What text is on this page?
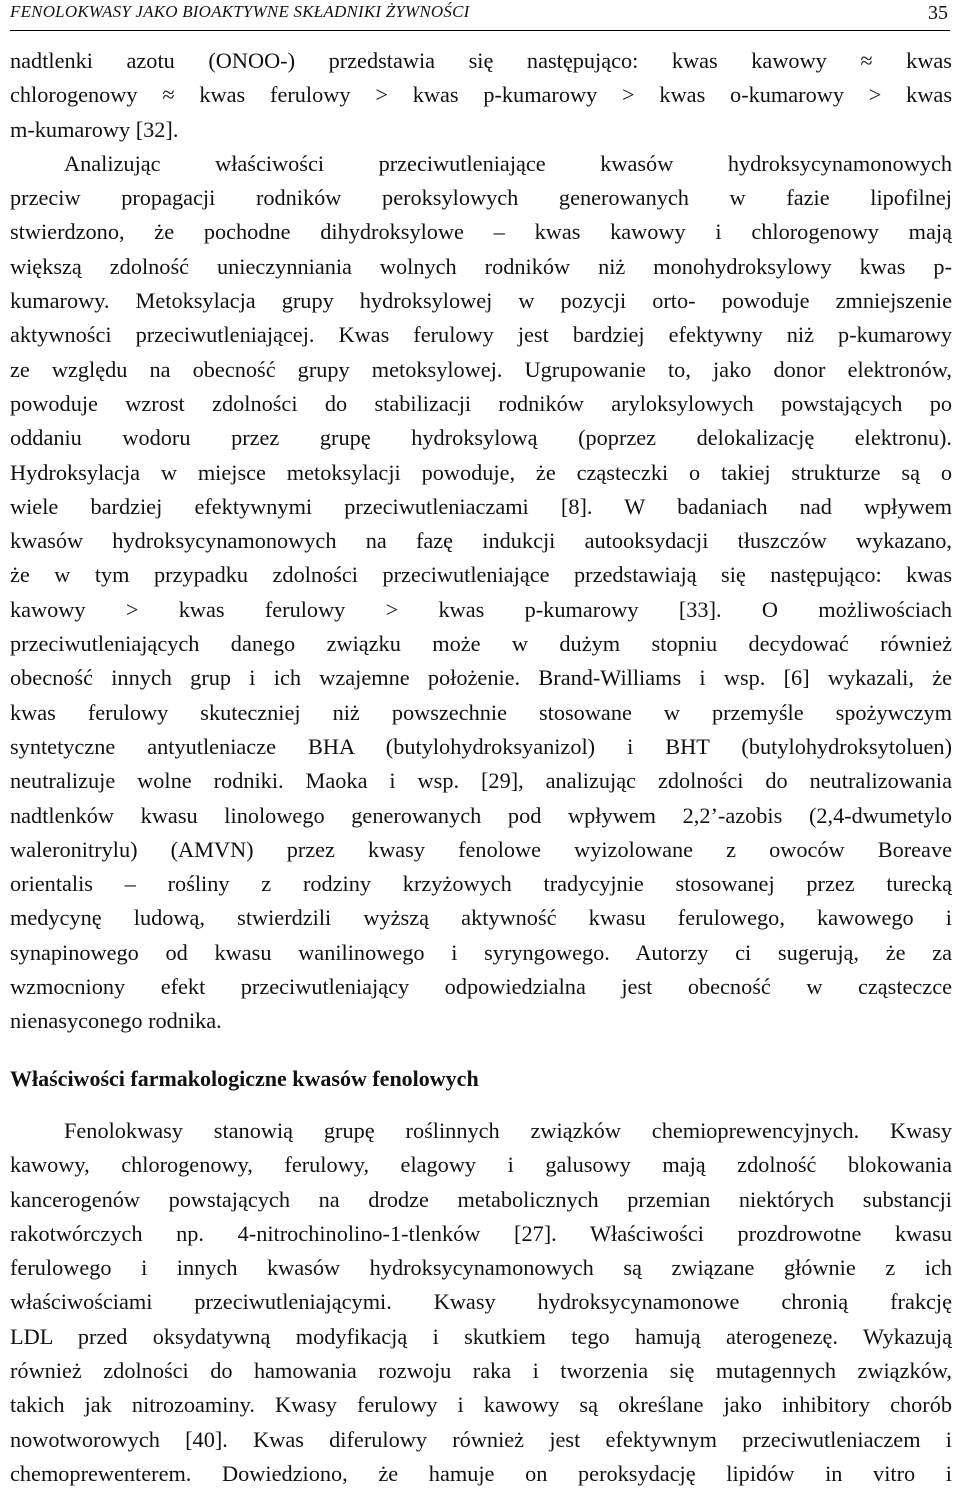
FENOLOKWASY JAKO BIOAKTYWNE SKŁADNIKI ŻYWNOŚCI	35
nadtlenki azotu (ONOO-) przedstawia się następująco: kwas kawowy ≈ kwas
chlorogenowy ≈ kwas ferulowy > kwas p-kumarowy > kwas o-kumarowy > kwas
m-kumarowy [32].
Analizując właściwości przeciwutleniające kwasów hydroksycynamonowych
przeciw propagacji rodników peroksylowych generowanych w fazie lipofilnej
stwierdzono, że pochodne dihydroksylowe – kwas kawowy i chlorogenowy mają
większą zdolność unieczynniania wolnych rodników niż monohydroksylowy kwas p-
kumarowy. Metoksylacja grupy hydroksylowej w pozycji orto- powoduje zmniejszenie
aktywności przeciwutleniającej. Kwas ferulowy jest bardziej efektywny niż p-kumarowy
ze względu na obecność grupy metoksylowej. Ugrupowanie to, jako donor elektronów,
powoduje wzrost zdolności do stabilizacji rodników aryloksylowych powstających po
oddaniu wodoru przez grupę hydroksylową (poprzez delokalizację elektronu).
Hydroksylacja w miejsce metoksylacji powoduje, że cząsteczki o takiej strukturze są o
wiele bardziej efektywnymi przeciwutleniaczami [8]. W badaniach nad wpływem
kwasów hydroksycynamonowych na fazę indukcji autooksydacji tłuszczów wykazano,
że w tym przypadku zdolności przeciwutleniające przedstawiają się następująco: kwas
kawowy > kwas ferulowy > kwas p-kumarowy [33]. O możliwościach
przeciwutleniających danego związku może w dużym stopniu decydować również
obecność innych grup i ich wzajemne położenie. Brand-Williams i wsp. [6] wykazali, że
kwas ferulowy skuteczniej niż powszechnie stosowane w przemyśle spożywczym
syntetyczne antyutleniacze BHA (butylohydroksyanizol) i BHT (butylohydroksytoluen)
neutralizuje wolne rodniki. Maoka i wsp. [29], analizując zdolności do neutralizowania
nadtlenków kwasu linolowego generowanych pod wpływem 2,2’-azobis (2,4-dwumetylo
waleronitrylu) (AMVN) przez kwasy fenolowe wyizolowane z owoców Boreave
orientalis – rośliny z rodziny krzyżowych tradycyjnie stosowanej przez turecką
medycynę ludową, stwierdzili wyższą aktywność kwasu ferulowego, kawowego i
synapinowego od kwasu wanilinowego i syryngowego. Autorzy ci sugerują, że za
wzmocniony efekt przeciwutleniający odpowiedzialna jest obecność w cząsteczce
nienasyconego rodnika.
Właściwości farmakologiczne kwasów fenolowych
Fenolokwasy stanowią grupę roślinnych związków chemioprewencyjnych. Kwasy
kawowy, chlorogenowy, ferulowy, elagowy i galusowy mają zdolność blokowania
kancerogenów powstających na drodze metabolicznych przemian niektórych substancji
rakotwórczych np. 4-nitrochinolino-1-tlenków [27]. Właściwości prozdrowotne kwasu
ferulowego i innych kwasów hydroksycynamonowych są związane głównie z ich
właściwościami przeciwutleniającymi. Kwasy hydroksycynamonowe chronią frakcję
LDL przed oksydatywną modyfikacją i skutkiem tego hamują aterogenezę. Wykazują
również zdolności do hamowania rozwoju raka i tworzenia się mutagennych związków,
takich jak nitrozoaminy. Kwasy ferulowy i kawowy są określane jako inhibitory chorób
nowotworowych [40]. Kwas diferulowy również jest efektywnym przeciwutleniaczem i
chemoprewenterem. Dowiedziono, że hamuje on peroksydację lipidów in vitro i
